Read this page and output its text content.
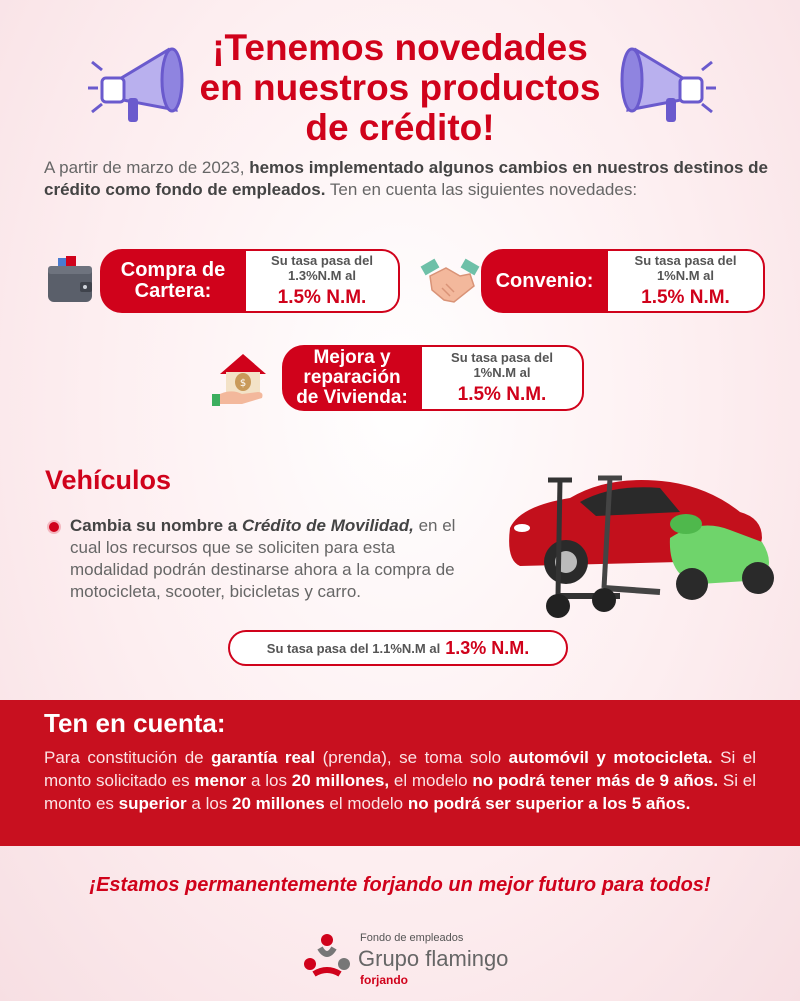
¡Tenemos novedades
en nuestros productos
de crédito!

A partir de marzo de 2023, hemos implementado algunos cambios en nuestros destinos de crédito como fondo de empleados. Ten en cuenta las siguientes novedades:

Compra de
Cartera:
Su tasa pasa del
1.3%N.M al
1.5% N.M.
Convenio:
Su tasa pasa del
1%N.M al
1.5% N.M.
$
Mejora y
reparación
de Vivienda:
Su tasa pasa del
1%N.M al
1.5% N.M.
Vehículos

Cambia su nombre a Crédito de Movilidad, en el cual los recursos que se soliciten para esta modalidad podrán destinarse ahora a la compra de motocicleta, scooter, bicicletas y carro.

Su tasa pasa del 1.1%N.M al 1.3% N.M.
Ten en cuenta:

Para constitución de garantía real (prenda), se toma solo automóvil y motocicleta. Si el monto solicitado es menor a los 20 millones, el modelo no podrá tener más de 9 años. Si el monto es superior a los 20 millones el modelo no podrá ser superior a los 5 años.

¡Estamos permanentemente forjando un mejor futuro para todos!
Fondo de empleados
Grupo flamingo
forjando
